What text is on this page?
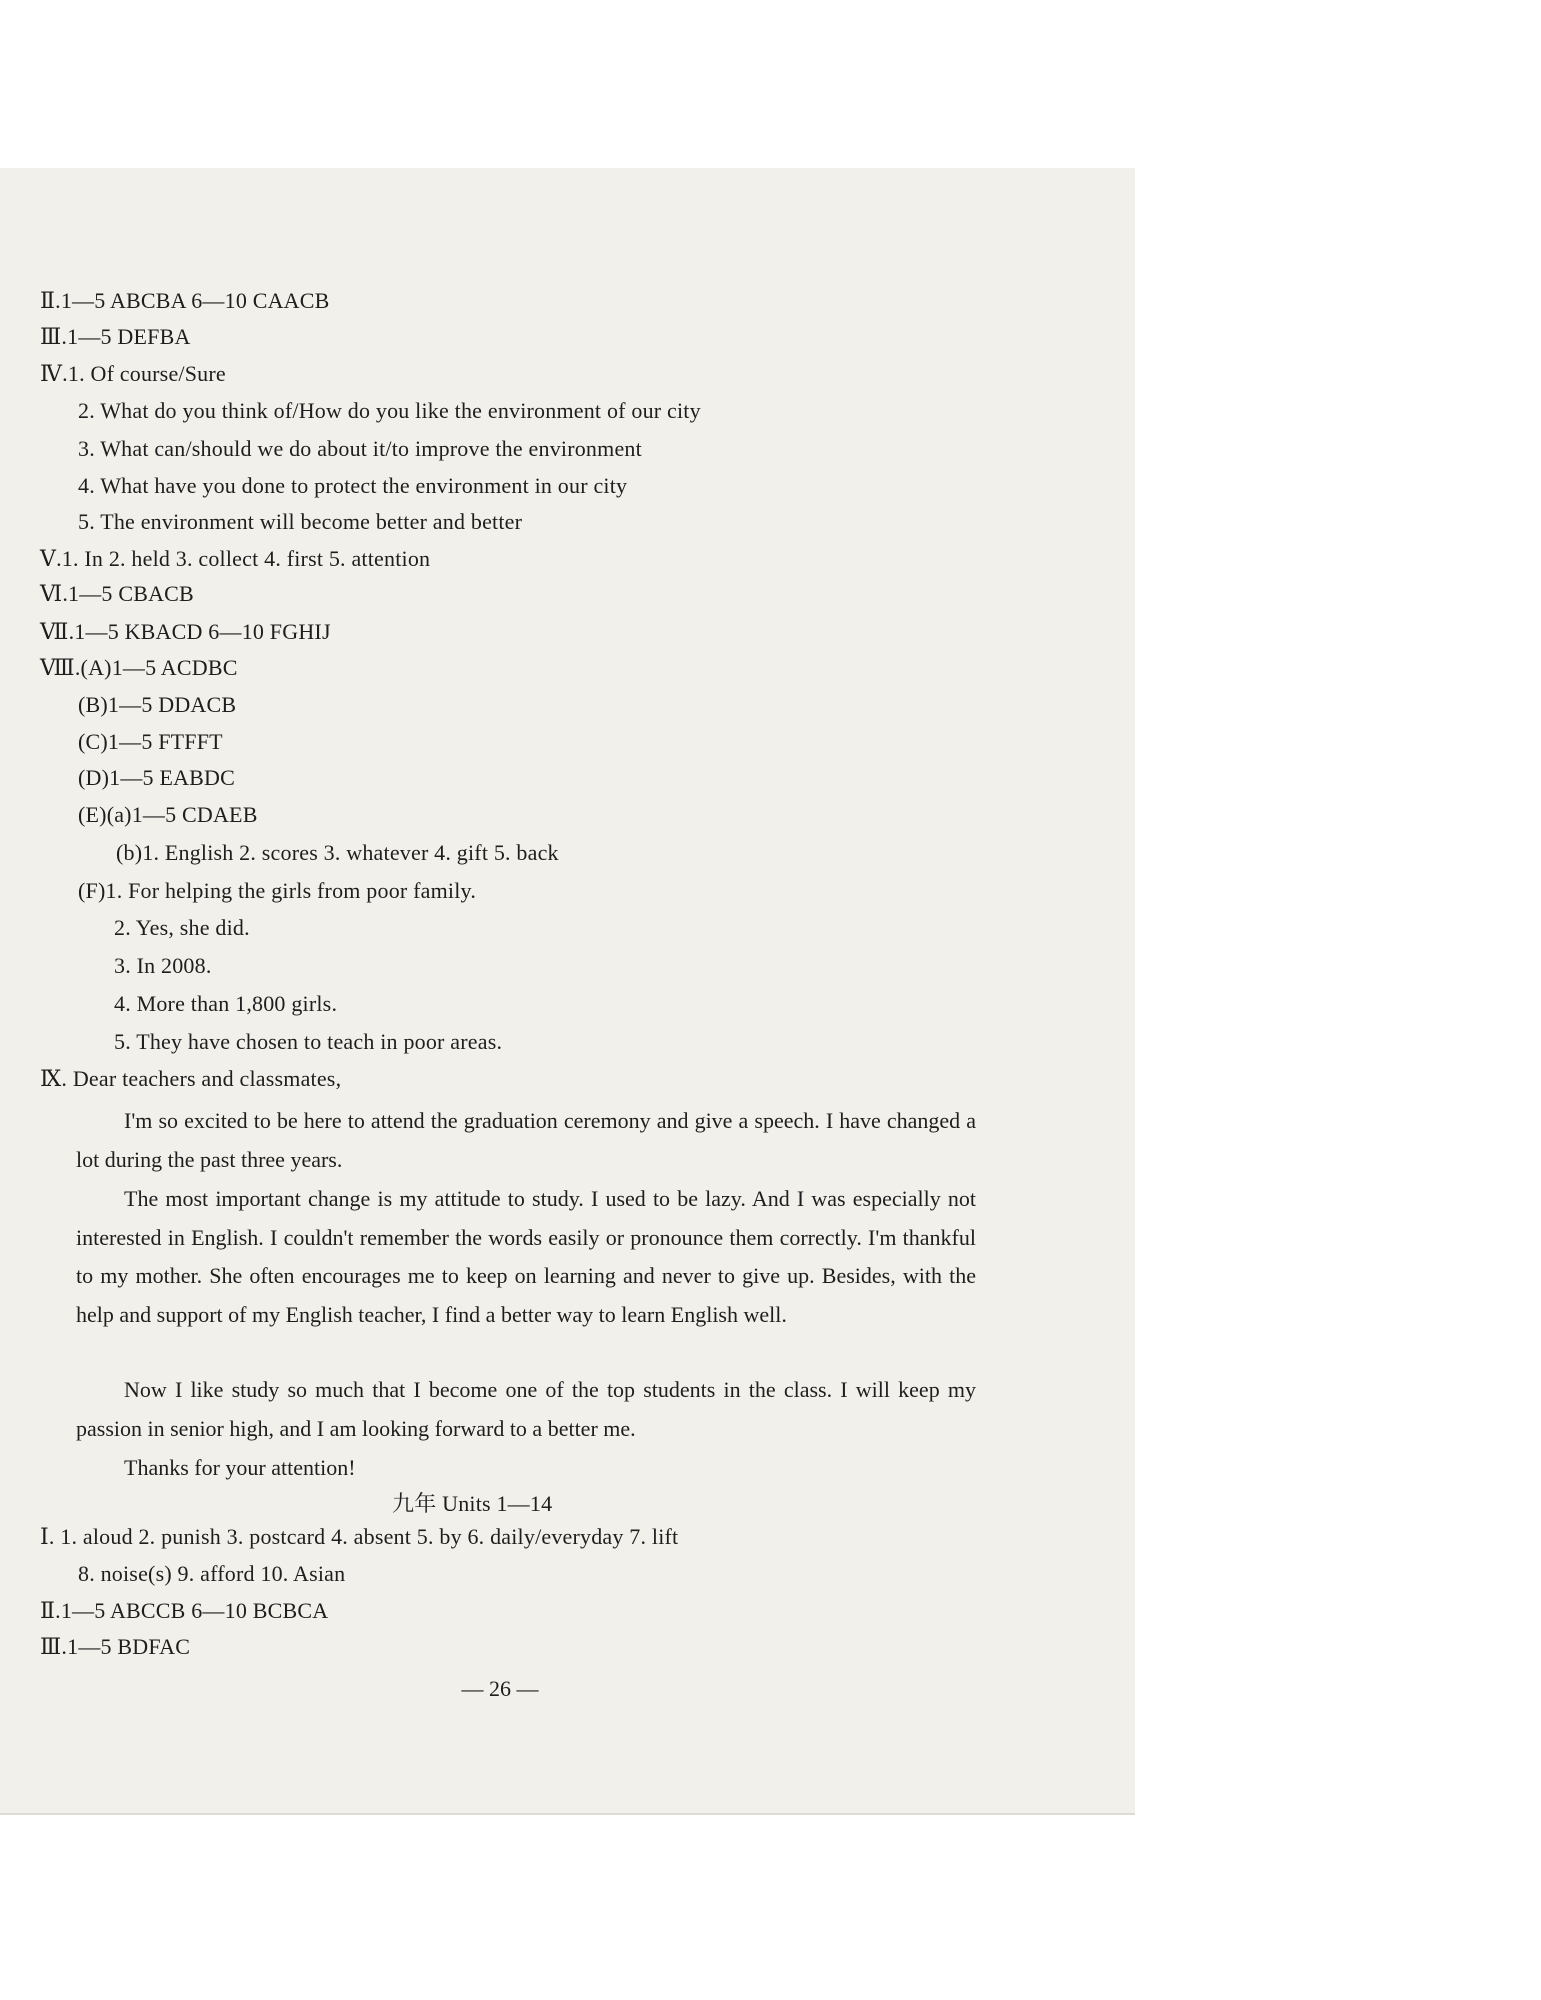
Ⅱ.1—5 ABCBA 6—10 CAACB
Ⅲ.1—5 DEFBA
Ⅳ.1. Of course/Sure
2. What do you think of/How do you like the environment of our city
3. What can/should we do about it/to improve the environment
4. What have you done to protect the environment in our city
5. The environment will become better and better
Ⅴ.1. In 2. held 3. collect 4. first 5. attention
Ⅵ.1—5 CBACB
Ⅶ.1—5 KBACD 6—10 FGHIJ
Ⅷ.(A)1—5 ACDBC
(B)1—5 DDACB
(C)1—5 FTFFT
(D)1—5 EABDC
(E)(a)1—5 CDAEB
(b)1. English 2. scores 3. whatever 4. gift 5. back
(F)1. For helping the girls from poor family.
2. Yes, she did.
3. In 2008.
4. More than 1,800 girls.
5. They have chosen to teach in poor areas.
Ⅸ. Dear teachers and classmates,
九年 Units 1—14
Ⅰ. 1. aloud 2. punish 3. postcard 4. absent 5. by 6. daily/everyday 7. lift
8. noise(s) 9. afford 10. Asian
Ⅱ.1—5 ABCCB 6—10 BCBCA
Ⅲ.1—5 BDFAC
I'm so excited to be here to attend the graduation ceremony and give a speech. I have changed a lot during the past three years.
The most important change is my attitude to study. I used to be lazy. And I was especially not interested in English. I couldn't remember the words easily or pronounce them correctly. I'm thankful to my mother. She often encourages me to keep on learning and never to give up. Besides, with the help and support of my English teacher, I find a better way to learn English well.
Now I like study so much that I become one of the top students in the class. I will keep my passion in senior high, and I am looking forward to a better me.
Thanks for your attention!
— 26 —
